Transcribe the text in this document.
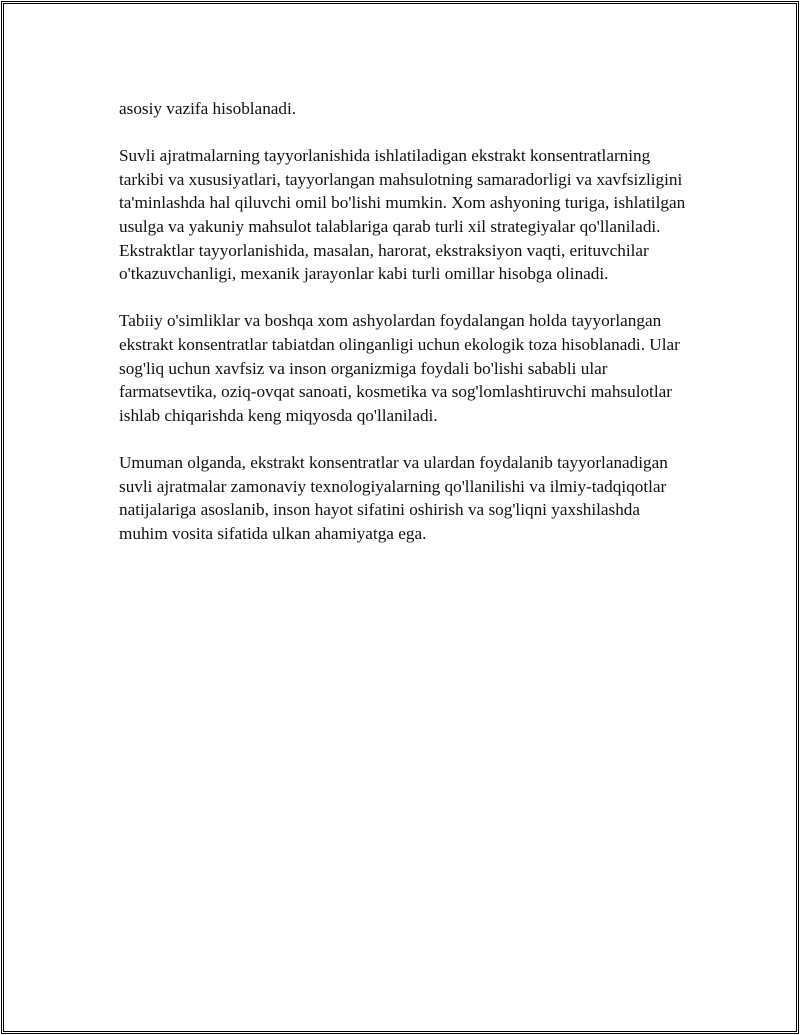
asosiy vazifa hisoblanadi.

Suvli ajratmalarning tayyorlanishida ishlatiladigan ekstrakt konsentratlarning tarkibi va xususiyatlari, tayyorlangan mahsulotning samaradorligi va xavfsizligini ta'minlashda hal qiluvchi omil bo'lishi mumkin. Xom ashyoning turiga, ishlatilgan usulga va yakuniy mahsulot talablariga qarab turli xil strategiyalar qo'llaniladi. Ekstraktlar tayyorlanishida, masalan, harorat, ekstraksiyon vaqti, erituvchilar o'tkazuvchanligi, mexanik jarayonlar kabi turli omillar hisobga olinadi.

Tabiiy o'simliklar va boshqa xom ashyolardan foydalangan holda tayyorlangan ekstrakt konsentratlar tabiatdan olinganligi uchun ekologik toza hisoblanadi. Ular sog'liq uchun xavfsiz va inson organizmiga foydali bo'lishi sababli ular farmatsevtika, oziq-ovqat sanoati, kosmetika va sog'lomlashtiruvchi mahsulotlar ishlab chiqarishda keng miqyosda qo'llaniladi.

Umuman olganda, ekstrakt konsentratlar va ulardan foydalanib tayyorlanadigan suvli ajratmalar zamonaviy texnologiyalarning qo'llanilishi va ilmiy-tadqiqotlar natijalariga asoslanib, inson hayot sifatini oshirish va sog'liqni yaxshilashda muhim vosita sifatida ulkan ahamiyatga ega.
